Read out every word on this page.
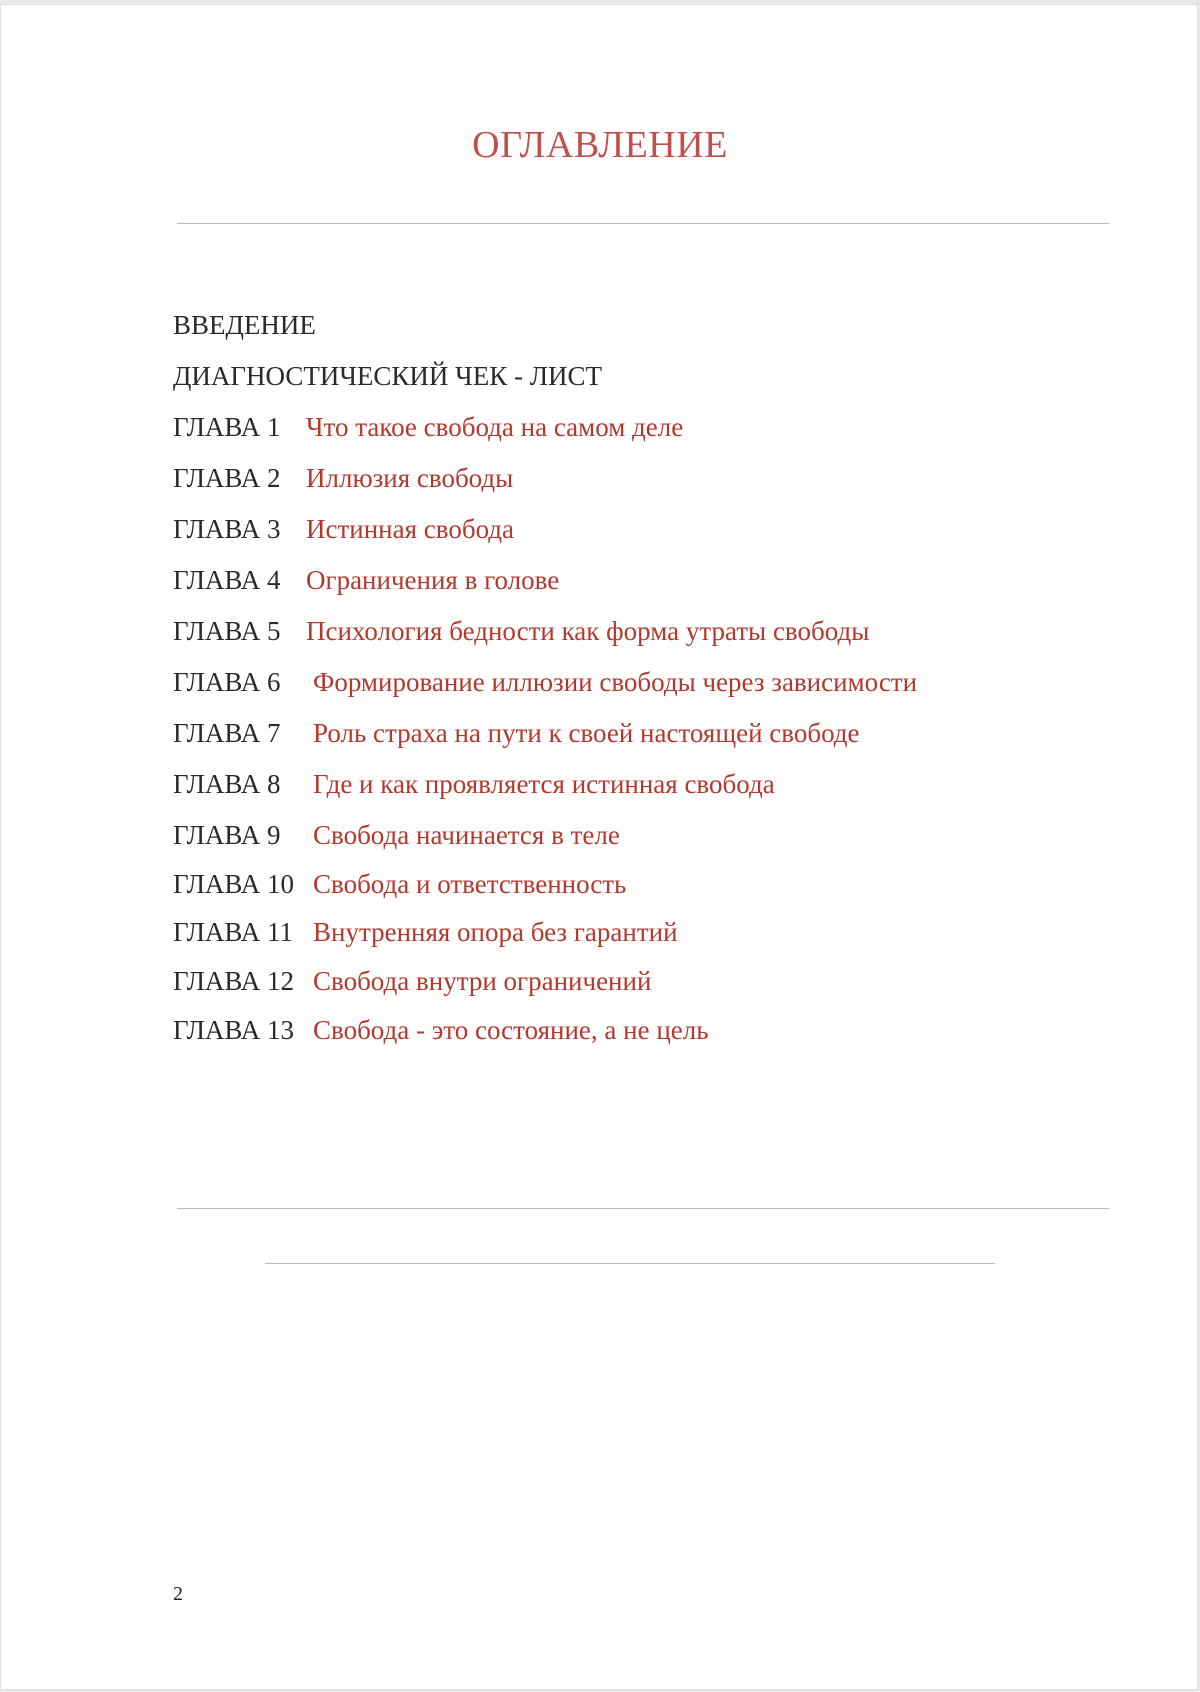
ОГЛАВЛЕНИЕ
ВВЕДЕНИЕ
ДИАГНОСТИЧЕСКИЙ ЧЕК - ЛИСТ
ГЛАВА 1 Что такое свобода на самом деле
ГЛАВА 2 Иллюзия свободы
ГЛАВА 3 Истинная свобода
ГЛАВА 4 Ограничения в голове
ГЛАВА 5 Психология бедности как форма утраты свободы
ГЛАВА 6 Формирование иллюзии свободы через зависимости
ГЛАВА 7 Роль страха на пути к своей настоящей свободе
ГЛАВА 8 Где и как проявляется истинная свобода
ГЛАВА 9 Свобода начинается в теле
ГЛАВА 10 Свобода и ответственность
ГЛАВА 11 Внутренняя опора без гарантий
ГЛАВА 12 Свобода внутри ограничений
ГЛАВА 13 Свобода - это состояние, а не цель
2
